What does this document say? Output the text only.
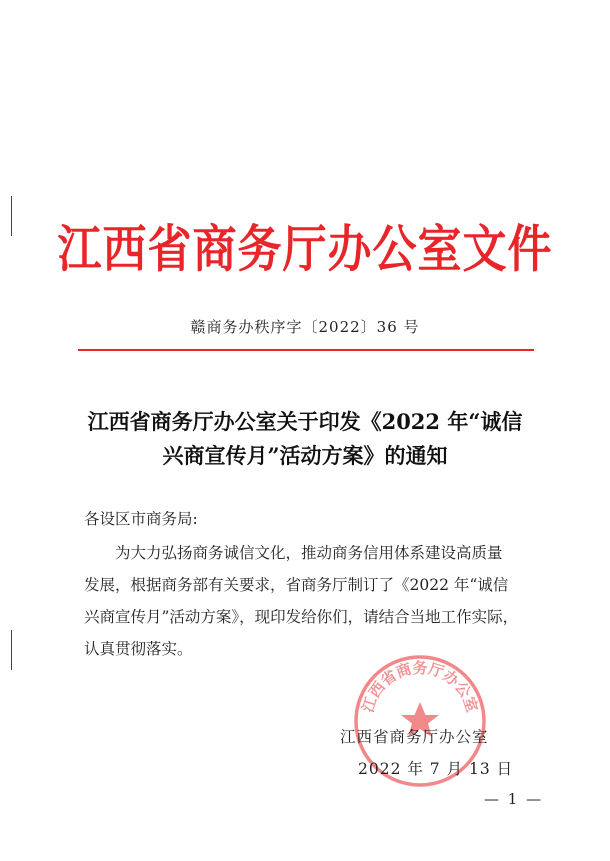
江西省商务厅办公室文件
赣商务办秩序字〔2022〕36 号
江西省商务厅办公室关于印发《2022 年“诚信
兴商宣传月”活动方案》的通知
各设区市商务局:
为大力弘扬商务诚信文化，推动商务信用体系建设高质量
发展，根据商务部有关要求，省商务厅制订了《2022 年“诚信
兴商宣传月”活动方案》，现印发给你们，请结合当地工作实际，
认真贯彻落实。
江西省商务厅办公室
江西省商务厅办公室
2022 年 7 月 13 日
— 1 —
